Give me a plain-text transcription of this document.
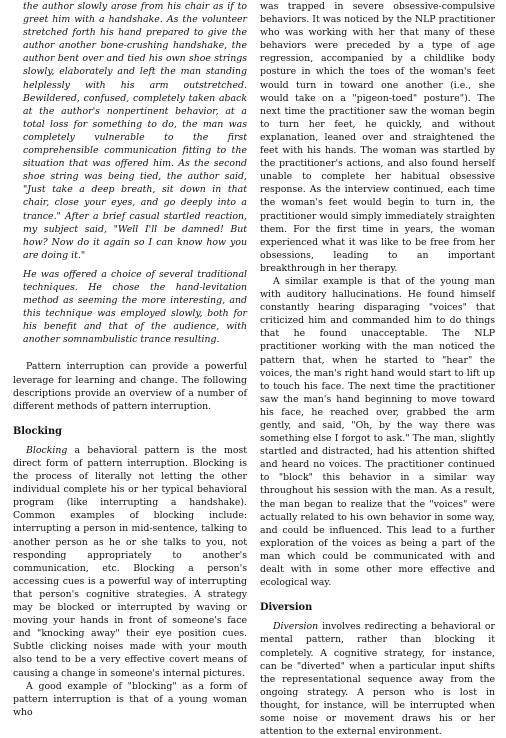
the author slowly arose from his chair as if to greet him with a handshake. As the volunteer stretched forth his hand prepared to give the author another bone-crushing handshake, the author bent over and tied his own shoe strings slowly, elaborately and left the man standing helplessly with his arm outstretched. Bewildered, confused, completely taken aback at the author's nonpertinent behavior, at a total loss for something to do, the man was completely vulnerable to the first comprehensible communication fitting to the situation that was offered him. As the second shoe string was being tied, the author said, "Just take a deep breath, sit down in that chair, close your eyes, and go deeply into a trance." After a brief casual startled reaction, my subject said, "Well I'll be damned! But how? Now do it again so I can know how you are doing it."

He was offered a choice of several traditional techniques. He chose the hand-levitation method as seeming the more interesting, and this technique was employed slowly, both for his benefit and that of the audience, with another somnambulistic trance resulting.

Pattern interruption can provide a powerful leverage for learning and change. The following descriptions provide an overview of a number of different methods of pattern interruption.

Blocking

Blocking a behavioral pattern is the most direct form of pattern interruption. Blocking is the process of literally not letting the other individual complete his or her typical behavioral program (like interrupting a handshake). Common examples of blocking include: interrupting a person in mid-sentence, talking to another person as he or she talks to you, not responding appropriately to another's communication, etc. Blocking a person's accessing cues is a powerful way of interrupting that person's cognitive strategies. A strategy may be blocked or interrupted by waving or moving your hands in front of someone's face and "knocking away" their eye position cues. Subtle clicking noises made with your mouth also tend to be a very effective covert means of causing a change in someone's internal pictures.

A good example of "blocking" as a form of pattern interruption is that of a young woman who

was trapped in severe obsessive-compulsive behaviors. It was noticed by the NLP practitioner who was working with her that many of these behaviors were preceded by a type of age regression, accompanied by a childlike body posture in which the toes of the woman's feet would turn in toward one another (i.e., she would take on a "pigeon-toed" posture"). The next time the practitioner saw the woman begin to turn her feet, he quickly, and without explanation, leaned over and straightened the feet with his hands. The woman was startled by the practitioner's actions, and also found herself unable to complete her habitual obsessive response. As the interview continued, each time the woman's feet would begin to turn in, the practitioner would simply immediately straighten them. For the first time in years, the woman experienced what it was like to be free from her obsessions, leading to an important breakthrough in her therapy.

A similar example is that of the young man with auditory hallucinations. He found himself constantly hearing disparaging "voices" that criticized him and commanded him to do things that he found unacceptable. The NLP practitioner working with the man noticed the pattern that, when he started to "hear" the voices, the man's right hand would start to lift up to touch his face. The next time the practitioner saw the man's hand beginning to move toward his face, he reached over, grabbed the arm gently, and said, "Oh, by the way there was something else I forgot to ask." The man, slightly startled and distracted, had his attention shifted and heard no voices. The practitioner continued to "block" this behavior in a similar way throughout his session with the man. As a result, the man began to realize that the "voices" were actually related to his own behavior in some way, and could be influenced. This lead to a further exploration of the voices as being a part of the man which could be communicated with and dealt with in some other more effective and ecological way.

Diversion

Diversion involves redirecting a behavioral or mental pattern, rather than blocking it completely. A cognitive strategy, for instance, can be "diverted" when a particular input shifts the representational sequence away from the ongoing strategy. A person who is lost in thought, for instance, will be interrupted when some noise or movement draws his or her attention to the external environment.
